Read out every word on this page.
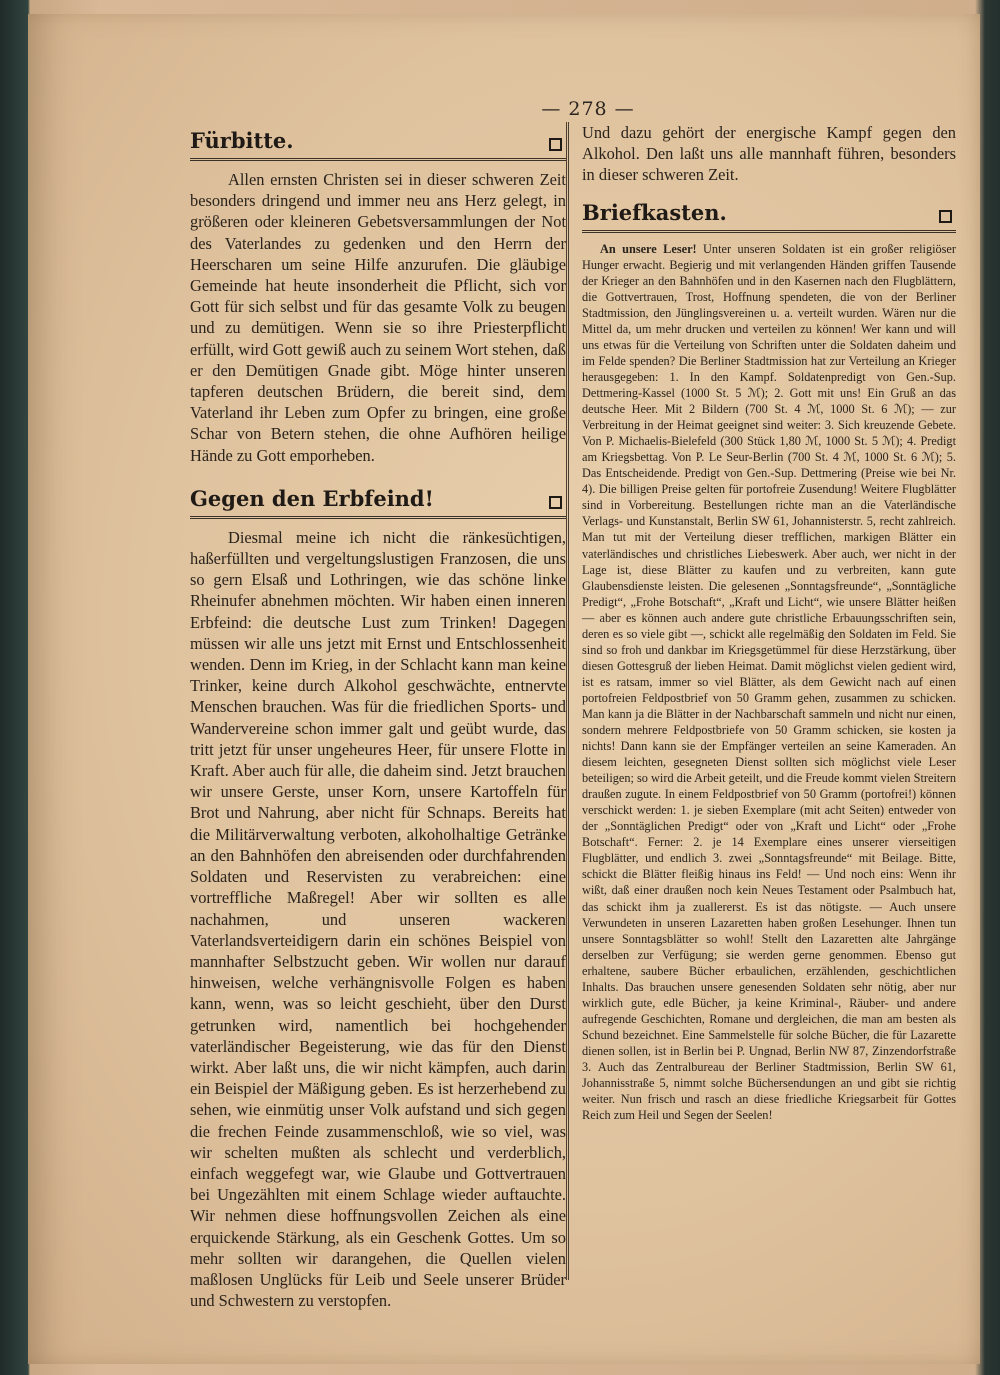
— 278 —
Fürbitte.

Allen ernsten Christen sei in dieser schweren Zeit besonders dringend und immer neu ans Herz gelegt, in größeren oder kleineren Gebetsversammlungen der Not des Vaterlandes zu gedenken und den Herrn der Heerscharen um seine Hilfe anzurufen. Die gläubige Gemeinde hat heute insonderheit die Pflicht, sich vor Gott für sich selbst und für das gesamte Volk zu beugen und zu demütigen. Wenn sie so ihre Priesterpflicht erfüllt, wird Gott gewiß auch zu seinem Wort stehen, daß er den Demütigen Gnade gibt. Möge hinter unseren tapferen deutschen Brüdern, die bereit sind, dem Vaterland ihr Leben zum Opfer zu bringen, eine große Schar von Betern stehen, die ohne Aufhören heilige Hände zu Gott emporheben.

Gegen den Erbfeind!

Diesmal meine ich nicht die ränkesüchtigen, haßerfüllten und vergeltungslustigen Franzosen, die uns so gern Elsaß und Lothringen, wie das schöne linke Rheinufer abnehmen möchten. Wir haben einen inneren Erbfeind: die deutsche Lust zum Trinken! Dagegen müssen wir alle uns jetzt mit Ernst und Entschlossenheit wenden. Denn im Krieg, in der Schlacht kann man keine Trinker, keine durch Alkohol geschwächte, entnervte Menschen brauchen. Was für die friedlichen Sports- und Wandervereine schon immer galt und geübt wurde, das tritt jetzt für unser ungeheures Heer, für unsere Flotte in Kraft. Aber auch für alle, die daheim sind. Jetzt brauchen wir unsere Gerste, unser Korn, unsere Kartoffeln für Brot und Nahrung, aber nicht für Schnaps. Bereits hat die Militärverwaltung verboten, alkoholhaltige Getränke an den Bahnhöfen den abreisenden oder durchfahrenden Soldaten und Reservisten zu verabreichen: eine vortreffliche Maßregel! Aber wir sollten es alle nachahmen, und unseren wackeren Vaterlandsverteidigern darin ein schönes Beispiel von mannhafter Selbstzucht geben. Wir wollen nur darauf hinweisen, welche verhängnisvolle Folgen es haben kann, wenn, was so leicht geschieht, über den Durst getrunken wird, namentlich bei hochgehender vaterländischer Begeisterung, wie das für den Dienst wirkt. Aber laßt uns, die wir nicht kämpfen, auch darin ein Beispiel der Mäßigung geben. Es ist herzerhebend zu sehen, wie einmütig unser Volk aufstand und sich gegen die frechen Feinde zusammenschloß, wie so viel, was wir schelten mußten als schlecht und verderblich, einfach weggefegt war, wie Glaube und Gottvertrauen bei Ungezählten mit einem Schlage wieder auftauchte. Wir nehmen diese hoffnungsvollen Zeichen als eine erquickende Stärkung, als ein Geschenk Gottes. Um so mehr sollten wir darangehen, die Quellen vielen maßlosen Unglücks für Leib und Seele unserer Brüder und Schwestern zu verstopfen.

Und dazu gehört der energische Kampf gegen den Alkohol. Den laßt uns alle mannhaft führen, besonders in dieser schweren Zeit.

Briefkasten.

An unsere Leser! Unter unseren Soldaten ist ein großer religiöser Hunger erwacht. Begierig und mit verlangenden Händen griffen Tausende der Krieger an den Bahnhöfen und in den Kasernen nach den Flugblättern, die Gottvertrauen, Trost, Hoffnung spendeten, die von der Berliner Stadtmission, den Jünglingsvereinen u. a. verteilt wurden. Wären nur die Mittel da, um mehr drucken und verteilen zu können! Wer kann und will uns etwas für die Verteilung von Schriften unter die Soldaten daheim und im Felde spenden? Die Berliner Stadtmission hat zur Verteilung an Krieger herausgegeben: 1. In den Kampf. Soldatenpredigt von Gen.-Sup. Dettmering-Kassel (1000 St. 5 ℳ); 2. Gott mit uns! Ein Gruß an das deutsche Heer. Mit 2 Bildern (700 St. 4 ℳ, 1000 St. 6 ℳ); — zur Verbreitung in der Heimat geeignet sind weiter: 3. Sich kreuzende Gebete. Von P. Michaelis-Bielefeld (300 Stück 1,80 ℳ, 1000 St. 5 ℳ); 4. Predigt am Kriegsbettag. Von P. Le Seur-Berlin (700 St. 4 ℳ, 1000 St. 6 ℳ); 5. Das Entscheidende. Predigt von Gen.-Sup. Dettmering (Preise wie bei Nr. 4). Die billigen Preise gelten für portofreie Zusendung! Weitere Flugblätter sind in Vorbereitung. Bestellungen richte man an die Vaterländische Verlags- und Kunstanstalt, Berlin SW 61, Johannisterstr. 5, recht zahlreich. Man tut mit der Verteilung dieser trefflichen, markigen Blätter ein vaterländisches und christliches Liebeswerk. Aber auch, wer nicht in der Lage ist, diese Blätter zu kaufen und zu verbreiten, kann gute Glaubensdienste leisten. Die gelesenen „Sonntagsfreunde“, „Sonntägliche Predigt“, „Frohe Botschaft“, „Kraft und Licht“, wie unsere Blätter heißen — aber es können auch andere gute christliche Erbauungsschriften sein, deren es so viele gibt —, schickt alle regelmäßig den Soldaten im Feld. Sie sind so froh und dankbar im Kriegsgetümmel für diese Herzstärkung, über diesen Gottesgruß der lieben Heimat. Damit möglichst vielen gedient wird, ist es ratsam, immer so viel Blätter, als dem Gewicht nach auf einen portofreien Feldpostbrief von 50 Gramm gehen, zusammen zu schicken. Man kann ja die Blätter in der Nachbarschaft sammeln und nicht nur einen, sondern mehrere Feldpostbriefe von 50 Gramm schicken, sie kosten ja nichts! Dann kann sie der Empfänger verteilen an seine Kameraden. An diesem leichten, gesegneten Dienst sollten sich möglichst viele Leser beteiligen; so wird die Arbeit geteilt, und die Freude kommt vielen Streitern draußen zugute. In einem Feldpostbrief von 50 Gramm (portofrei!) können verschickt werden: 1. je sieben Exemplare (mit acht Seiten) entweder von der „Sonntäglichen Predigt“ oder von „Kraft und Licht“ oder „Frohe Botschaft“. Ferner: 2. je 14 Exemplare eines unserer vierseitigen Flugblätter, und endlich 3. zwei „Sonntagsfreunde“ mit Beilage. Bitte, schickt die Blätter fleißig hinaus ins Feld! — Und noch eins: Wenn ihr wißt, daß einer draußen noch kein Neues Testament oder Psalmbuch hat, das schickt ihm ja zuallererst. Es ist das nötigste. — Auch unsere Verwundeten in unseren Lazaretten haben großen Lesehunger. Ihnen tun unsere Sonntagsblätter so wohl! Stellt den Lazaretten alte Jahrgänge derselben zur Verfügung; sie werden gerne genommen. Ebenso gut erhaltene, saubere Bücher erbaulichen, erzählenden, geschichtlichen Inhalts. Das brauchen unsere genesenden Soldaten sehr nötig, aber nur wirklich gute, edle Bücher, ja keine Kriminal-, Räuber- und andere aufregende Geschichten, Romane und dergleichen, die man am besten als Schund bezeichnet. Eine Sammelstelle für solche Bücher, die für Lazarette dienen sollen, ist in Berlin bei P. Ungnad, Berlin NW 87, Zinzendorfstraße 3. Auch das Zentralbureau der Berliner Stadtmission, Berlin SW 61, Johannisstraße 5, nimmt solche Büchersendungen an und gibt sie richtig weiter. Nun frisch und rasch an diese friedliche Kriegsarbeit für Gottes Reich zum Heil und Segen der Seelen!
